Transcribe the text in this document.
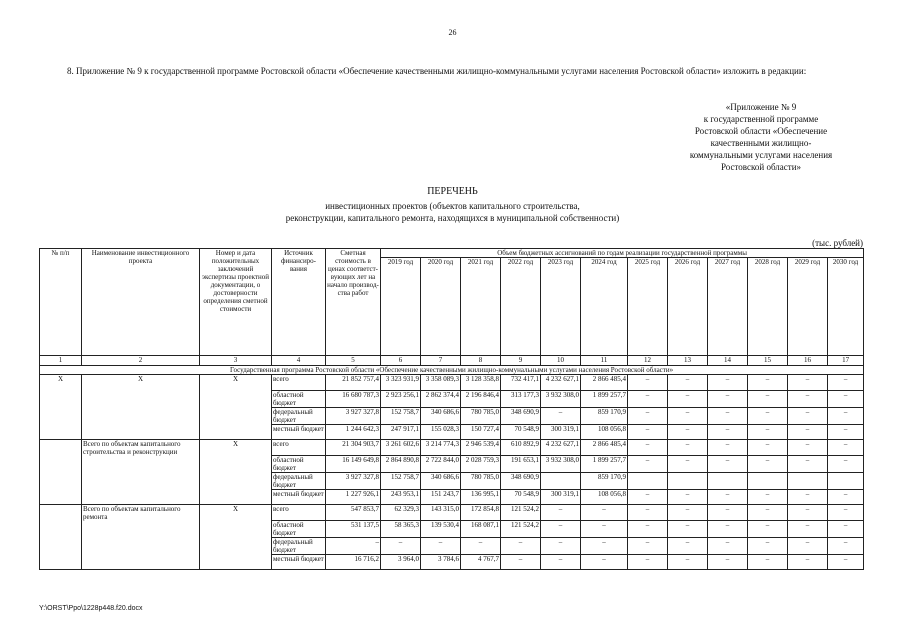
26
8. Приложение № 9 к государственной программе Ростовской области «Обеспечение качественными жилищно-коммунальными услугами населения Ростовской области» изложить в редакции:
«Приложение № 9
к государственной программе
Ростовской области «Обеспечение
качественными жилищно-
коммунальными услугами населения
Ростовской области»
ПЕРЕЧЕНЬ
инвестиционных проектов (объектов капитального строительства,
реконструкции, капитального ремонта, находящихся в муниципальной собственности)
(тыс. рублей)
№ п/п	Наименование инвестиционного проекта	Номер и дата положительных заключений экспертизы проектной документации, о достоверности определения сметной стоимости	Источник финансиро-вания	Сметная стоимость в ценах соответст-вующих лет на начало производ-ства работ	Объем бюджетных ассигнований по годам реализации государственной программы											
					2019 год	2020 год	2021 год	2022 год	2023 год	2024 год	2025 год	2026 год	2027 год	2028 год	2029 год	2030 год
1	2	3	4	5	6	7	8	9	10	11	12	13	14	15	16	17
Государственная программа Ростовской области «Обеспечение качественными жилищно-коммунальными услугами населения Ростовской области»																
Х	Х	Х	всего	21 852 757,4	3 323 931,9	3 358 089,3	3 128 358,8	732 417,1	4 232 627,1	2 866 485,4	–	–	–	–	–	–
			областной бюджет	16 680 787,3	2 923 256,1	2 862 374,4	2 196 846,4	313 177,3	3 932 308,0	1 899 257,7	–	–	–	–	–	–
			федеральный бюджет	3 927 327,8	152 758,7	340 686,6	780 785,0	348 690,9	–	859 170,9	–	–	–	–	–	–
			местный бюджет	1 244 642,3	247 917,1	155 028,3	150 727,4	70 548,9	300 319,1	108 056,8	–	–	–	–	–	–
	Всего по объектам капитального строительства и реконструкции	Х	всего	21 304 903,7	3 261 602,6	3 214 774,3	2 946 539,4	610 892,9	4 232 627,1	2 866 485,4	–	–	–	–	–	–
			областной бюджет	16 149 649,8	2 864 890,8	2 722 844,0	2 028 759,3	191 653,1	3 932 308,0	1 899 257,7	–	–	–	–	–	–
			федеральный бюджет	3 927 327,8	152 758,7	340 686,6	780 785,0	348 690,9		859 170,9						
			местный бюджет	1 227 926,1	243 953,1	151 243,7	136 995,1	70 548,9	300 319,1	108 056,8	–	–	–	–	–	–
	Всего по объектам капитального ремонта	Х	всего	547 853,7	62 329,3	143 315,0	172 854,8	121 524,2	–	–	–	–	–	–	–	–
			областной бюджет	531 137,5	58 365,3	139 530,4	168 087,1	121 524,2	–	–	–	–	–	–	–	–
			федеральный бюджет	–	–	–	–	–	–	–	–	–	–	–	–	–
			местный бюджет	16 716,2	3 964,0	3 784,6	4 767,7	–	–	–	–	–	–	–	–	–
Y:\ORST\Ppo\1228p448.f20.docx
